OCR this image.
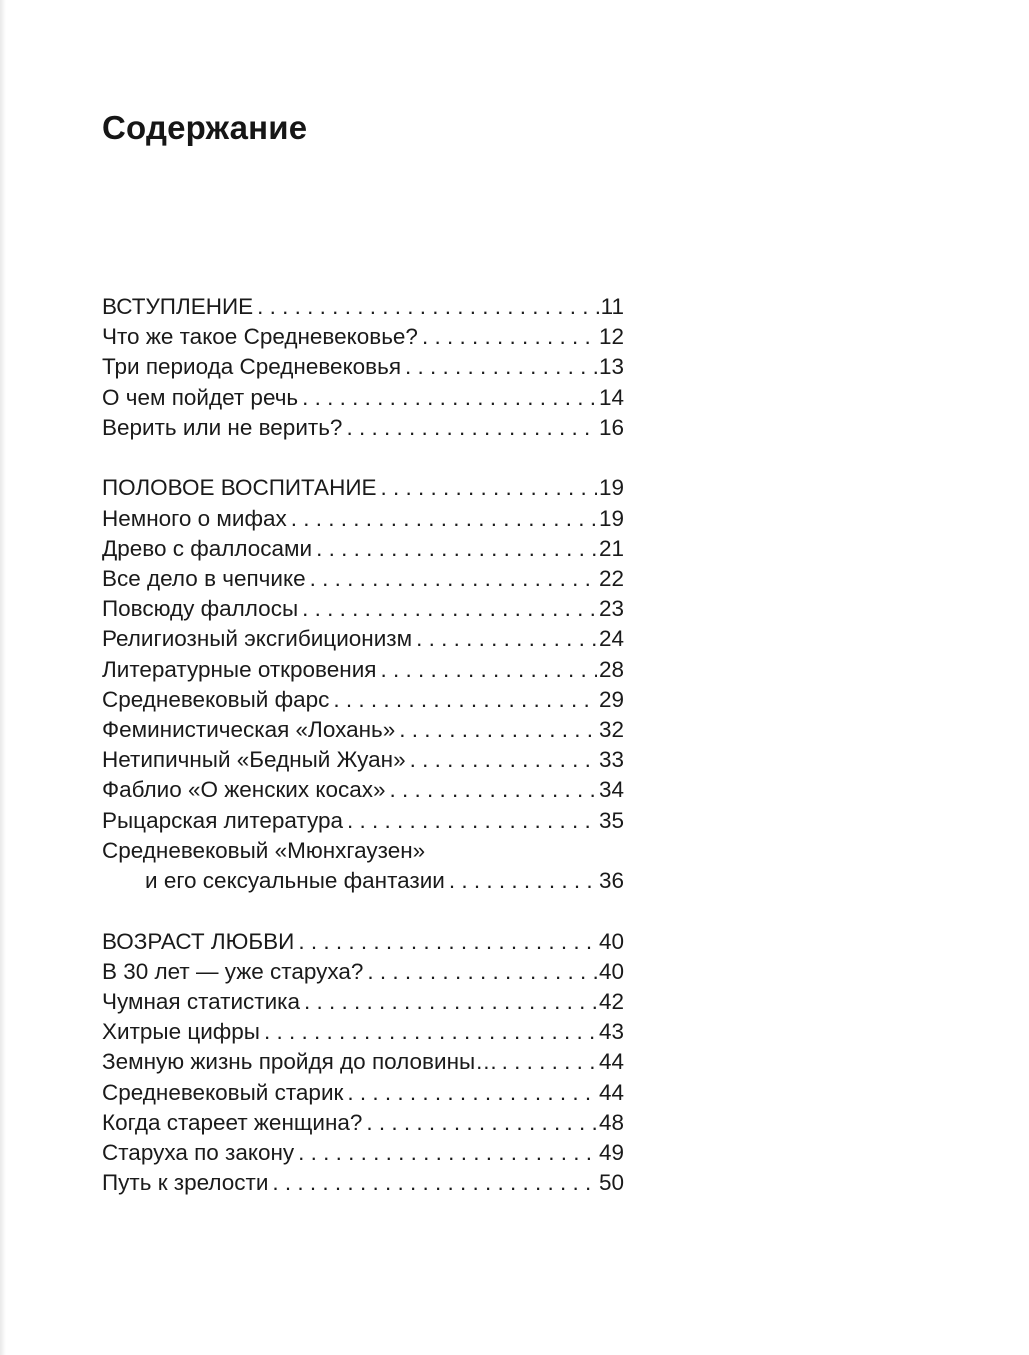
Содержание
ВСТУПЛЕНИЕ . . .	11
Что же такое Средневековье? . . .	12
Три периода Средневековья . . .	13
О чем пойдет речь . . .	14
Верить или не верить? . . .	16
ПОЛОВОЕ ВОСПИТАНИЕ . . .	19
Немного о мифах . . .	19
Древо с фаллосами . . .	21
Все дело в чепчике . . .	22
Повсюду фаллосы . . .	23
Религиозный эксгибиционизм . . .	24
Литературные откровения . . .	28
Средневековый фарс . . .	29
Феминистическая «Лохань» . . .	32
Нетипичный «Бедный Жуан» . . .	33
Фаблио «О женских косах» . . .	34
Рыцарская литература . . .	35
Средневековый «Мюнхгаузен»
и его сексуальные фантазии . . .	36
ВОЗРАСТ ЛЮБВИ . . .	40
В 30 лет — уже старуха? . . .	40
Чумная статистика . . .	42
Хитрые цифры . . .	43
Земную жизнь пройдя до половины… . . .	44
Средневековый старик . . .	44
Когда стареет женщина? . . .	48
Старуха по закону . . .	49
Путь к зрелости . . .	50
